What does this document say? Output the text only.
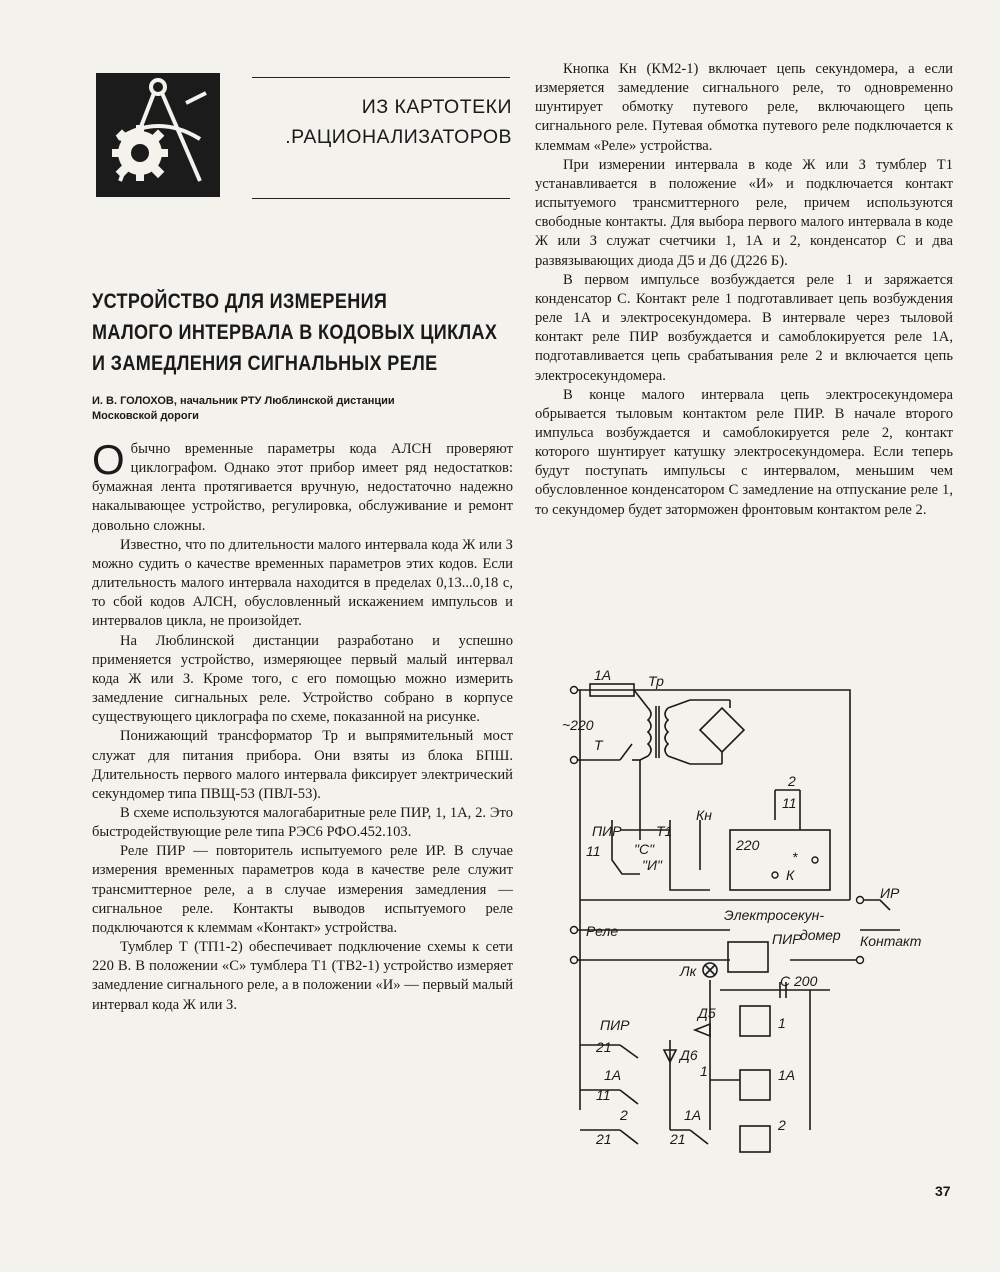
ИЗ КАРТОТЕКИ
.РАЦИОНАЛИЗАТОРОВ
УСТРОЙСТВО ДЛЯ ИЗМЕРЕНИЯ
МАЛОГО ИНТЕРВАЛА В КОДОВЫХ ЦИКЛАХ
И ЗАМЕДЛЕНИЯ СИГНАЛЬНЫХ РЕЛЕ
И. В. ГОЛОХОВ, начальник РТУ Люблинской дистанции
Московской дороги

Обычно временные параметры кода АЛСН проверяют циклографом. Однако этот прибор имеет ряд недостатков: бумажная лента протягивается вручную, недостаточно надежно накалывающее устройство, регулировка, обслуживание и ремонт довольно сложны.

Известно, что по длительности малого интервала кода Ж или З можно судить о качестве временных параметров этих кодов. Если длительность малого интервала находится в пределах 0,13...0,18 с, то сбой кодов АЛСН, обусловленный искажением импульсов и интервалов цикла, не произойдет.

На Люблинской дистанции разработано и успешно применяется устройство, измеряющее первый малый интервал кода Ж или З. Кроме того, с его помощью можно измерить замедление сигнальных реле. Устройство собрано в корпусе существующего циклографа по схеме, показанной на рисунке.

Понижающий трансформатор Тр и выпрямительный мост служат для питания прибора. Они взяты из блока БПШ. Длительность первого малого интервала фиксирует электрический секундомер типа ПВЩ-53 (ПВЛ-53).

В схеме используются малогабаритные реле ПИР, 1, 1А, 2. Это быстродействующие реле типа РЭС6 РФО.452.103.

Реле ПИР — повторитель испытуемого реле ИР. В случае измерения временных параметров кода в качестве реле служит трансмиттерное реле, а в случае измерения замедления — сигнальное реле. Контакты выводов испытуемого реле подключаются к клеммам «Контакт» устройства.

Тумблер Т (ТП1-2) обеспечивает подключение схемы к сети 220 В. В положении «С» тумблера Т1 (ТВ2-1) устройство измеряет замедление сигнального реле, а в положении «И» — первый малый интервал кода Ж или З.

Кнопка Кн (КМ2-1) включает цепь секундомера, а если измеряется замедление сигнального реле, то одновременно шунтирует обмотку путевого реле, включающего цепь сигнального реле. Путевая обмотка путевого реле подключается к клеммам «Реле» устройства.

При измерении интервала в коде Ж или З тумблер Т1 устанавливается в положение «И» и подключается контакт испытуемого трансмиттерного реле, причем используются свободные контакты. Для выбора первого малого интервала в коде Ж или З служат счетчики 1, 1А и 2, конденсатор С и два развязывающих диода Д5 и Д6 (Д226 Б).

В первом импульсе возбуждается реле 1 и заряжается конденсатор С. Контакт реле 1 подготавливает цепь возбуждения реле 1А и электросекундомера. В интервале через тыловой контакт реле ПИР возбуждается и самоблокируется реле 1А, подготавливается цепь срабатывания реле 2 и включается цепь электросекундомера.

В конце малого интервала цепь электросекундомера обрывается тыловым контактом реле ПИР. В начале второго импульса возбуждается и самоблокируется реле 2, контакт которого шунтирует катушку электросекундомера. Если теперь будут поступать импульсы с интервалом, меньшим чем обусловленное конденсатором С замедление на отпускание реле 1, то секундомер будет заторможен фронтовым контактом реле 2.

1А	Тр
~220
Т
2
11
ПИР Т1
Кн
11 "С"
"И"
220
*
К
Электросекун-
домер
Реле	ПИР
ИР
Контакт
Лк
С 200
Д5
Д6
ПИР
21
1
1
1А
11
1А
2
21
1А
21
2
37
